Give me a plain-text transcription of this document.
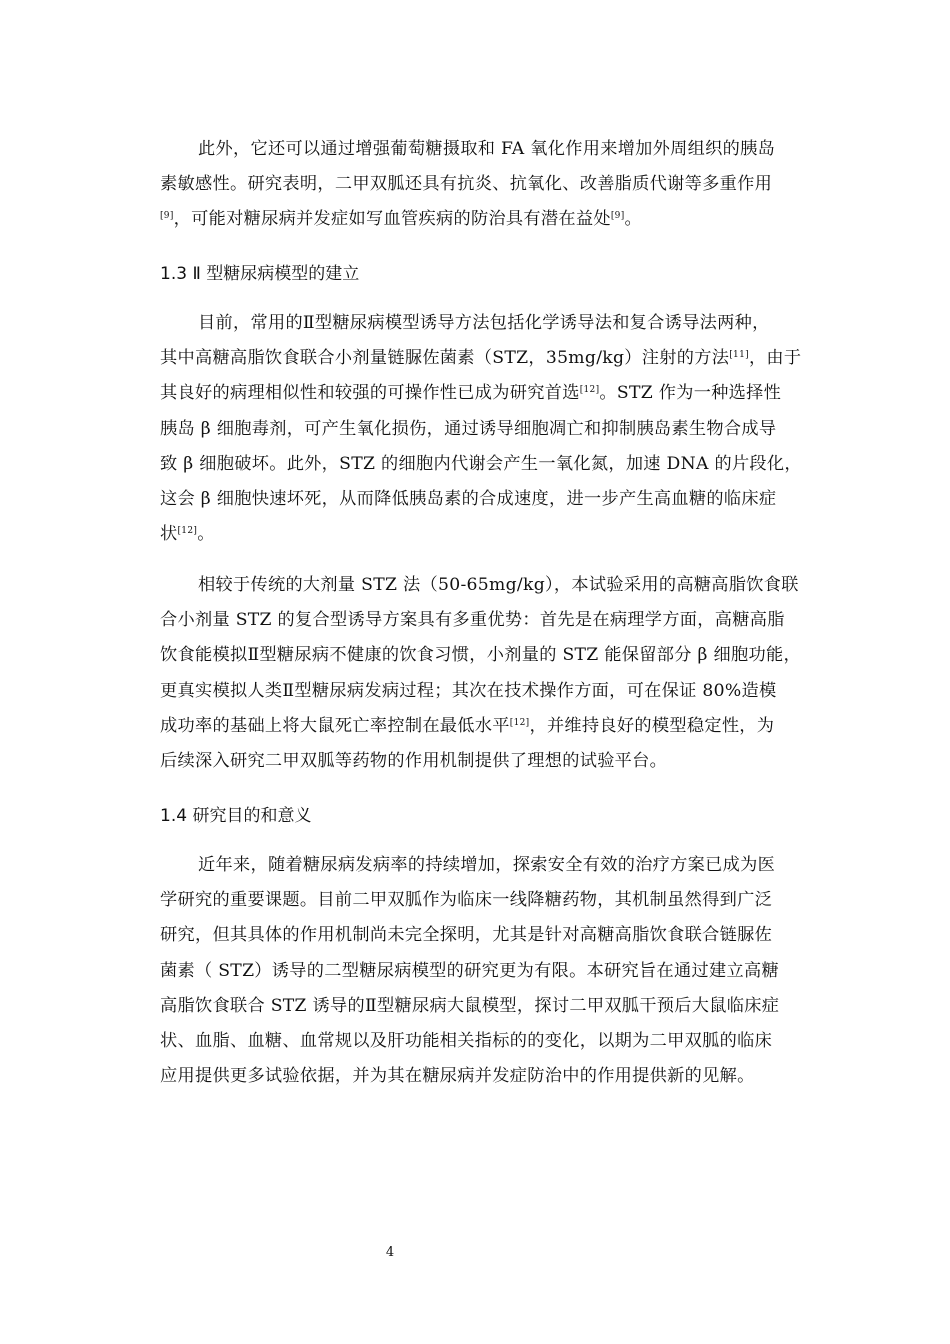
此外，它还可以通过增强葡萄糖摄取和 FA 氧化作用来增加外周组织的胰岛
素敏感性。研究表明，二甲双胍还具有抗炎、抗氧化、改善脂质代谢等多重作用
[9]，可能对糖尿病并发症如写血管疾病的防治具有潜在益处[9]。
1.3 Ⅱ 型糖尿病模型的建立
目前，常用的Ⅱ型糖尿病模型诱导方法包括化学诱导法和复合诱导法两种，
其中高糖高脂饮食联合小剂量链脲佐菌素（STZ，35mg/kg）注射的方法[11]，由于
其良好的病理相似性和较强的可操作性已成为研究首选[12]。STZ 作为一种选择性
胰岛 β 细胞毒剂，可产生氧化损伤，通过诱导细胞凋亡和抑制胰岛素生物合成导
致 β 细胞破坏。此外，STZ 的细胞内代谢会产生一氧化氮，加速 DNA 的片段化，
这会 β 细胞快速坏死，从而降低胰岛素的合成速度，进一步产生高血糖的临床症
状[12]。
相较于传统的大剂量 STZ 法（50-65mg/kg），本试验采用的高糖高脂饮食联
合小剂量 STZ 的复合型诱导方案具有多重优势：首先是在病理学方面，高糖高脂
饮食能模拟Ⅱ型糖尿病不健康的饮食习惯，小剂量的 STZ 能保留部分 β 细胞功能，
更真实模拟人类Ⅱ型糖尿病发病过程；其次在技术操作方面，可在保证 80%造模
成功率的基础上将大鼠死亡率控制在最低水平[12]，并维持良好的模型稳定性，为
后续深入研究二甲双胍等药物的作用机制提供了理想的试验平台。
1.4 研究目的和意义
近年来，随着糖尿病发病率的持续增加，探索安全有效的治疗方案已成为医
学研究的重要课题。目前二甲双胍作为临床一线降糖药物，其机制虽然得到广泛
研究，但其具体的作用机制尚未完全探明，尤其是针对高糖高脂饮食联合链脲佐
菌素（ STZ）诱导的二型糖尿病模型的研究更为有限。本研究旨在通过建立高糖
高脂饮食联合 STZ 诱导的Ⅱ型糖尿病大鼠模型，探讨二甲双胍干预后大鼠临床症
状、血脂、血糖、血常规以及肝功能相关指标的的变化，以期为二甲双胍的临床
应用提供更多试验依据，并为其在糖尿病并发症防治中的作用提供新的见解。
4
